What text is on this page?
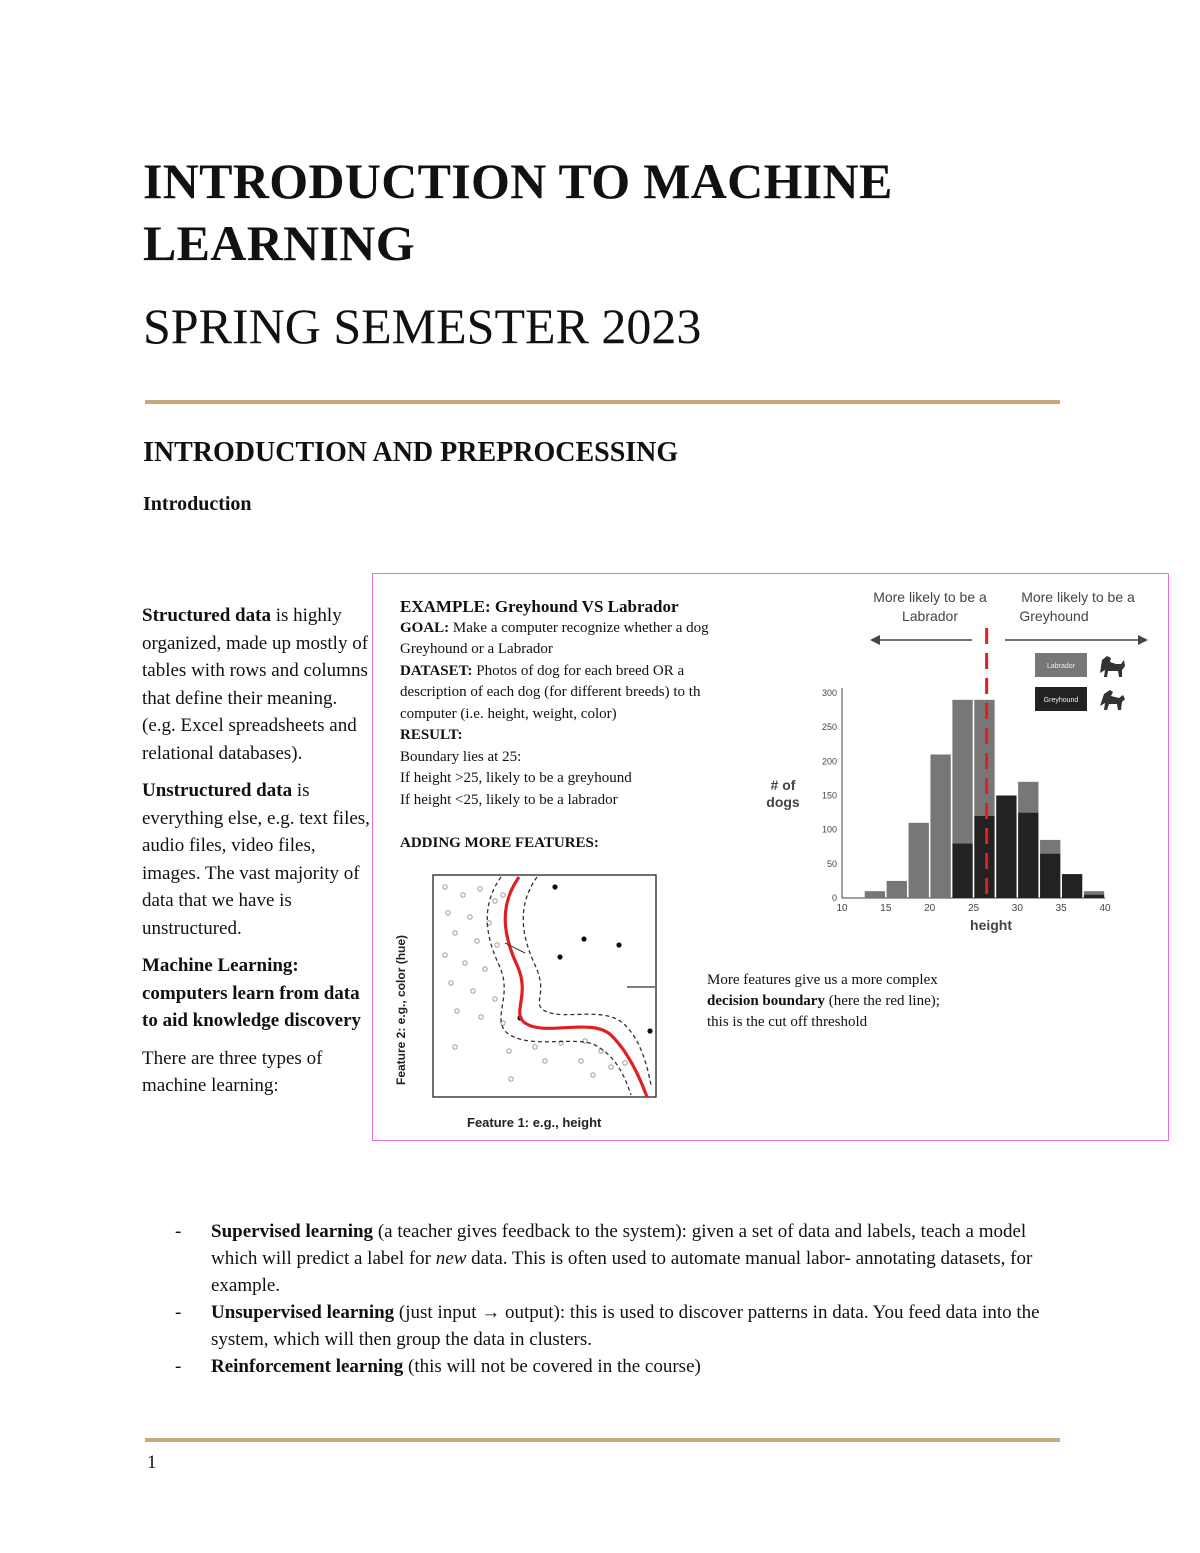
INTRODUCTION TO MACHINE LEARNING
SPRING SEMESTER 2023
INTRODUCTION AND PREPROCESSING
Introduction

Structured data is highly organized, made up mostly of tables with rows and columns that define their meaning. (e.g. Excel spreadsheets and relational databases).

Unstructured data is everything else, e.g. text files, audio files, video files, images. The vast majority of data that we have is unstructured.

Machine Learning: computers learn from data to aid knowledge discovery

There are three types of machine learning:

EXAMPLE: Greyhound VS Labrador
GOAL: Make a computer recognize whether a dog
Greyhound or a Labrador
DATASET: Photos of dog for each breed OR a
description of each dog (for different breeds) to th
computer (i.e. height, weight, color)
RESULT:
Boundary lies at 25:
If height >25, likely to be a greyhound
If height <25, likely to be a labrador
ADDING MORE FEATURES:
Feature 2: e.g., color (hue)
Feature 1: e.g., height
0
50
100
150
200
250
300
10	15	20	25	30	35	40
height
# of
dogs
More likely to be a
Labrador
More likely to be a
Greyhound
Labrador
Greyhound
More features give us a more complex
decision boundary (here the red line);
this is the cut off threshold
- Supervised learning (a teacher gives feedback to the system): given a set of data and labels, teach a model which will predict a label for new data. This is often used to automate manual labor- annotating datasets, for example.
- Unsupervised learning (just input → output): this is used to discover patterns in data. You feed data into the system, which will then group the data in clusters.
- Reinforcement learning (this will not be covered in the course)
1
